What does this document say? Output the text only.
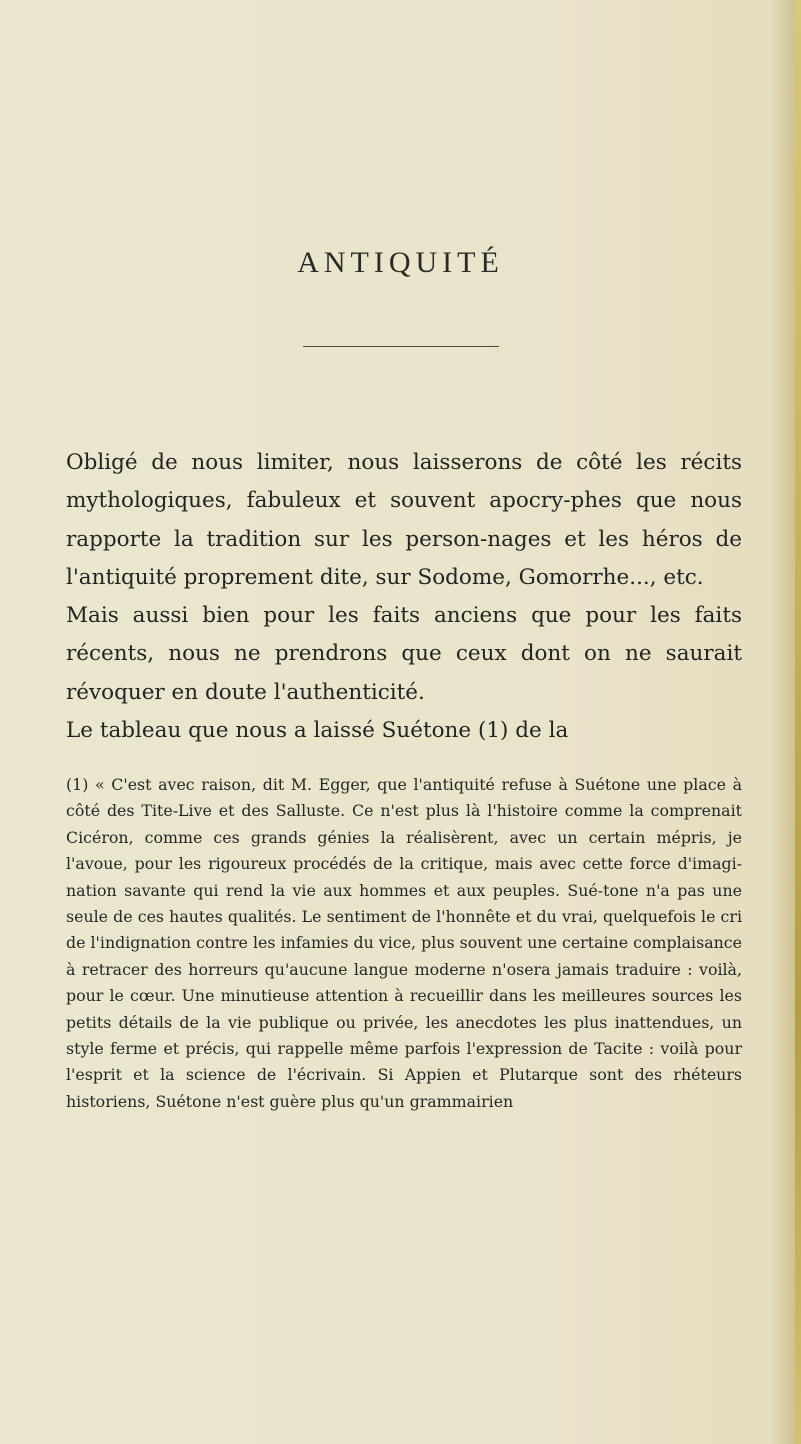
ANTIQUITÉ

Obligé de nous limiter, nous laisserons de côté les récits mythologiques, fabuleux et souvent apocry-phes que nous rapporte la tradition sur les person-nages et les héros de l'antiquité proprement dite, sur Sodome, Gomorrhe..., etc.

Mais aussi bien pour les faits anciens que pour les faits récents, nous ne prendrons que ceux dont on ne saurait révoquer en doute l'authenticité.

Le tableau que nous a laissé Suétone (1) de la

(1) « C'est avec raison, dit M. Egger, que l'antiquité refuse à Suétone une place à côté des Tite-Live et des Salluste. Ce n'est plus là l'histoire comme la comprenait Cicéron, comme ces grands génies la réalisèrent, avec un certain mépris, je l'avoue, pour les rigoureux procédés de la critique, mais avec cette force d'imagi-nation savante qui rend la vie aux hommes et aux peuples. Sué-tone n'a pas une seule de ces hautes qualités. Le sentiment de l'honnête et du vrai, quelquefois le cri de l'indignation contre les infamies du vice, plus souvent une certaine complaisance à retracer des horreurs qu'aucune langue moderne n'osera jamais traduire : voilà, pour le cœur. Une minutieuse attention à recueillir dans les meilleures sources les petits détails de la vie publique ou privée, les anecdotes les plus inattendues, un style ferme et précis, qui rappelle même parfois l'expression de Tacite : voilà pour l'esprit et la science de l'écrivain. Si Appien et Plutarque sont des rhéteurs historiens, Suétone n'est guère plus qu'un grammairien
